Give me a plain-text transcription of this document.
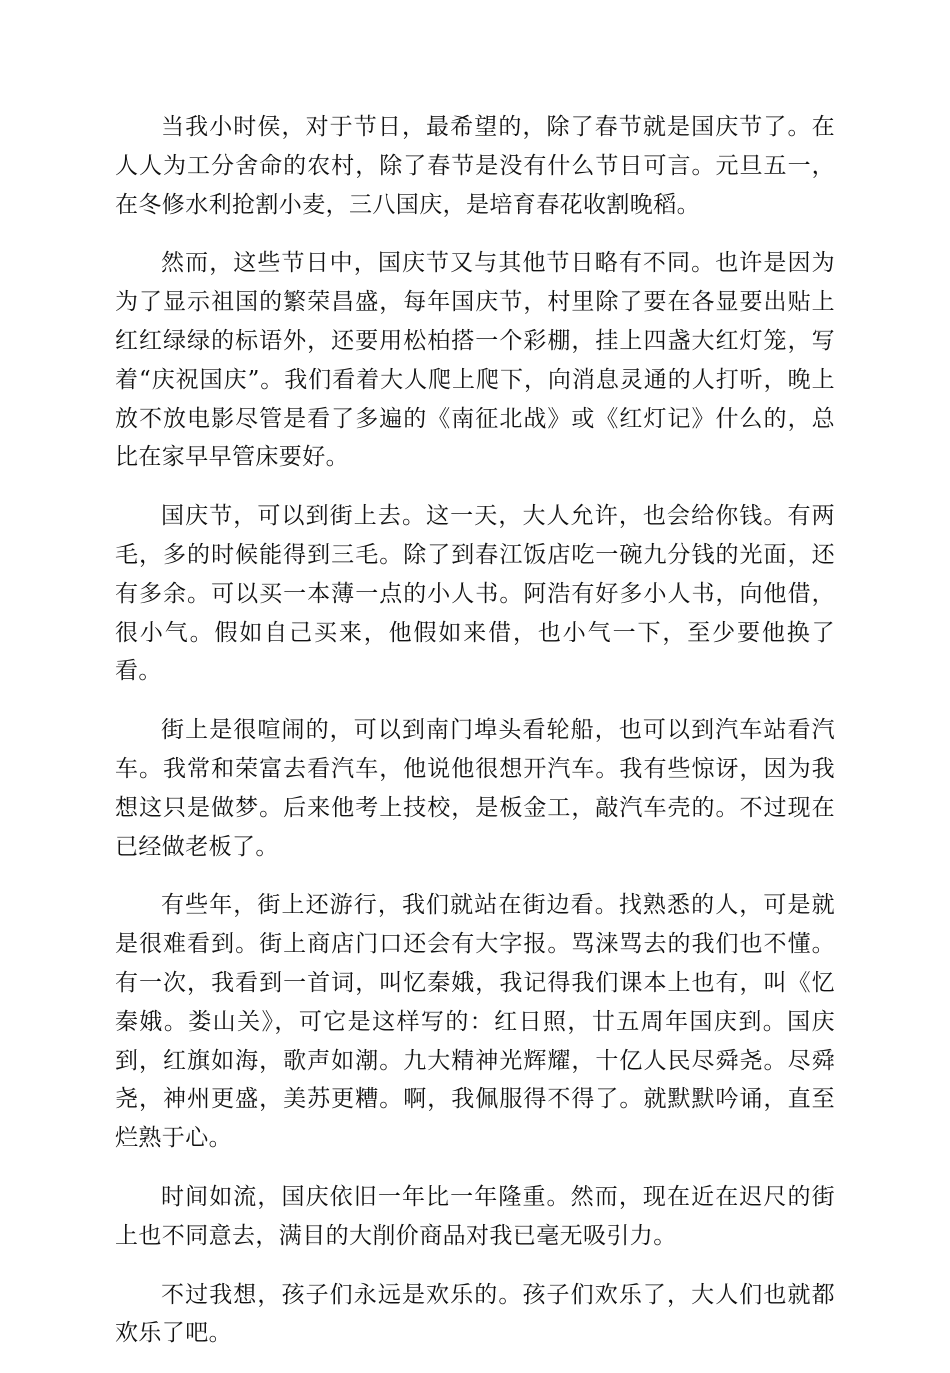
当我小时侯，对于节日，最希望的，除了春节就是国庆节了。在人人为工分舍命的农村，除了春节是没有什么节日可言。元旦五一，在冬修水利抢割小麦，三八国庆，是培育春花收割晚稻。

然而，这些节日中，国庆节又与其他节日略有不同。也许是因为为了显示祖国的繁荣昌盛，每年国庆节，村里除了要在各显要出贴上红红绿绿的标语外，还要用松柏搭一个彩棚，挂上四盏大红灯笼，写着“庆祝国庆”。我们看着大人爬上爬下，向消息灵通的人打听，晚上放不放电影尽管是看了多遍的《南征北战》或《红灯记》什么的，总比在家早早管床要好。

国庆节，可以到街上去。这一天，大人允许，也会给你钱。有两毛，多的时候能得到三毛。除了到春江饭店吃一碗九分钱的光面，还有多余。可以买一本薄一点的小人书。阿浩有好多小人书，向他借，很小气。假如自己买来，他假如来借，也小气一下，至少要他换了看。

街上是很喧闹的，可以到南门埠头看轮船，也可以到汽车站看汽车。我常和荣富去看汽车，他说他很想开汽车。我有些惊讶，因为我想这只是做梦。后来他考上技校，是板金工，敲汽车壳的。不过现在已经做老板了。

有些年，街上还游行，我们就站在街边看。找熟悉的人，可是就是很难看到。街上商店门口还会有大字报。骂涞骂去的我们也不懂。有一次，我看到一首词，叫忆秦娥，我记得我们课本上也有，叫《忆秦娥。娄山关》，可它是这样写的：红日照，廿五周年国庆到。国庆到，红旗如海，歌声如潮。九大精神光辉耀，十亿人民尽舜尧。尽舜尧，神州更盛，美苏更糟。啊，我佩服得不得了。就默默吟诵，直至烂熟于心。

时间如流，国庆依旧一年比一年隆重。然而，现在近在迟尺的街上也不同意去，满目的大削价商品对我已毫无吸引力。

不过我想，孩子们永远是欢乐的。孩子们欢乐了，大人们也就都欢乐了吧。
